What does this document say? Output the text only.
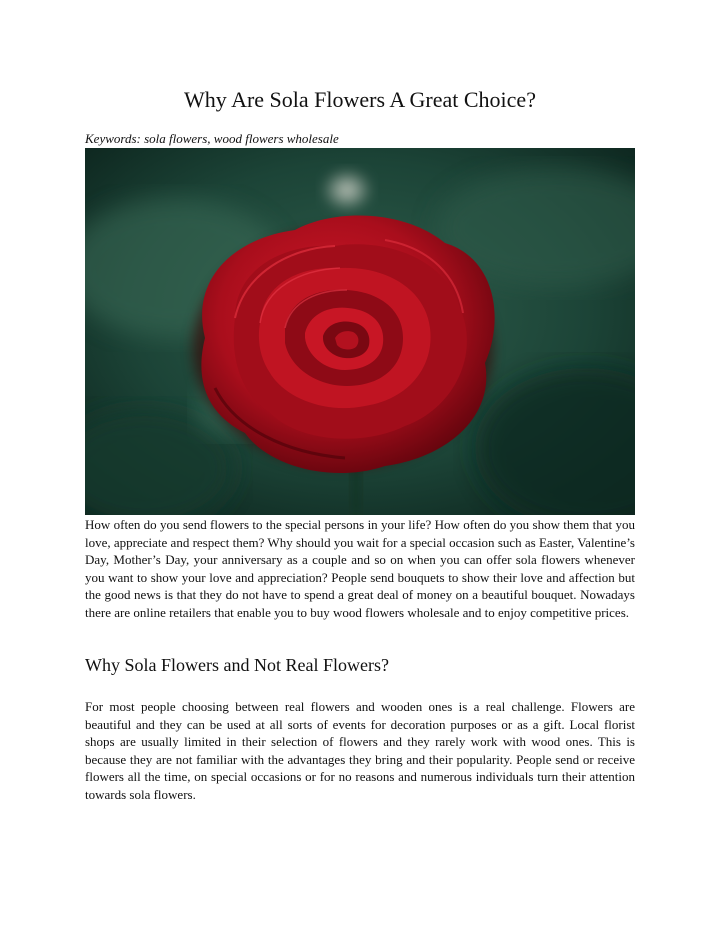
Why Are Sola Flowers A Great Choice?
Keywords: sola flowers, wood flowers wholesale

How often do you send flowers to the special persons in your life? How often do you show them that you love, appreciate and respect them? Why should you wait for a special occasion such as Easter, Valentine’s Day, Mother’s Day, your anniversary as a couple and so on when you can offer sola flowers whenever you want to show your love and appreciation? People send bouquets to show their love and affection but the good news is that they do not have to spend a great deal of money on a beautiful bouquet. Nowadays there are online retailers that enable you to buy wood flowers wholesale and to enjoy competitive prices.

Why Sola Flowers and Not Real Flowers?

For most people choosing between real flowers and wooden ones is a real challenge. Flowers are beautiful and they can be used at all sorts of events for decoration purposes or as a gift. Local florist shops are usually limited in their selection of flowers and they rarely work with wood ones. This is because they are not familiar with the advantages they bring and their popularity. People send or receive flowers all the time, on special occasions or for no reasons and numerous individuals turn their attention towards sola flowers.
